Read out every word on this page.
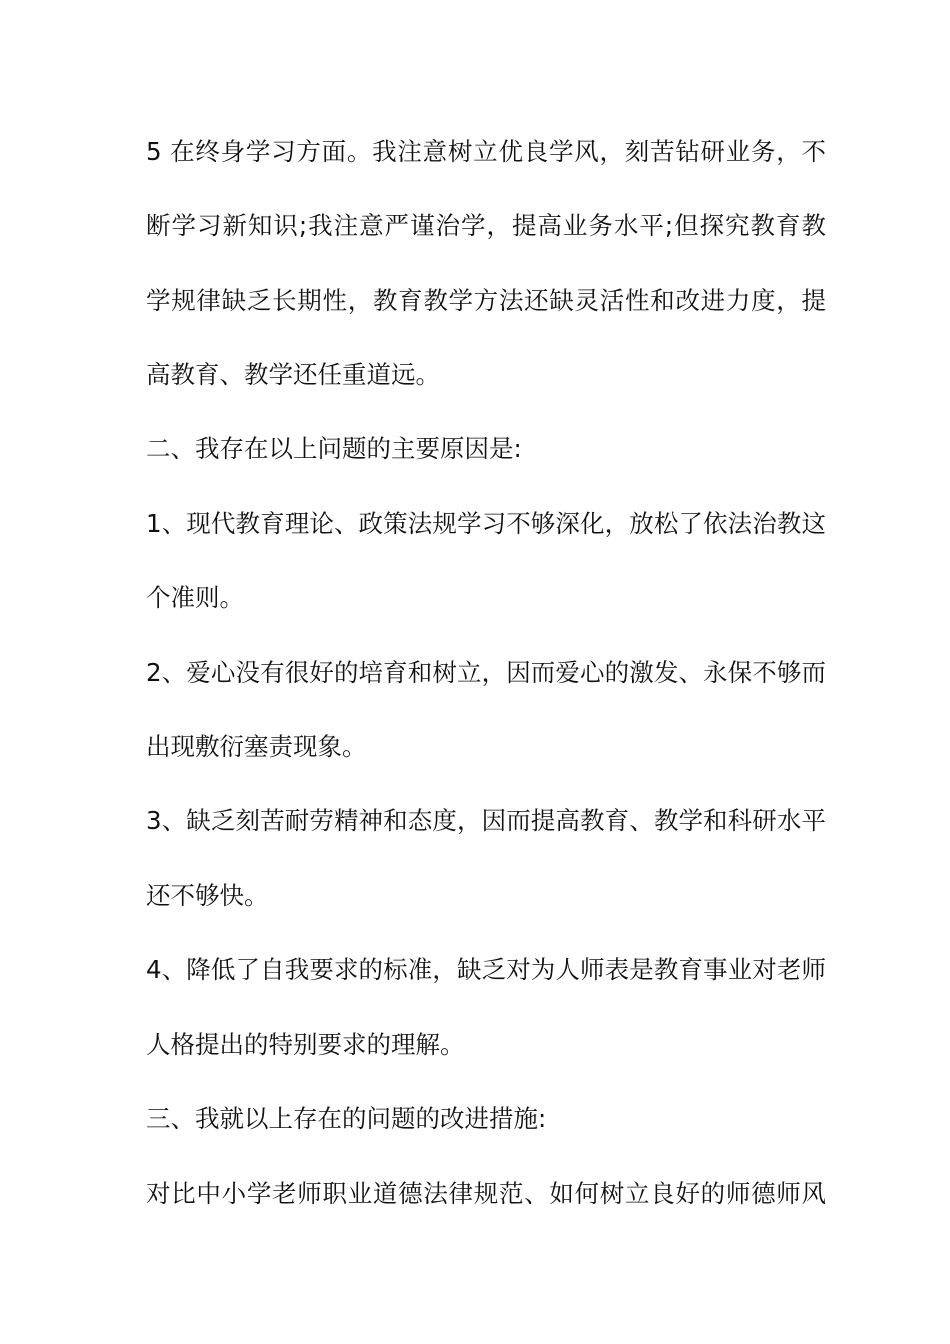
5 在终身学习方面。我注意树立优良学风，刻苦钻研业务，不
断学习新知识;我注意严谨治学，提高业务水平;但探究教育教
学规律缺乏长期性，教育教学方法还缺灵活性和改进力度，提
高教育、教学还任重道远。
二、我存在以上问题的主要原因是:
1、现代教育理论、政策法规学习不够深化，放松了依法治教这
个准则。
2、爱心没有很好的培育和树立，因而爱心的激发、永保不够而
出现敷衍塞责现象。
3、缺乏刻苦耐劳精神和态度，因而提高教育、教学和科研水平
还不够快。
4、降低了自我要求的标准，缺乏对为人师表是教育事业对老师
人格提出的特别要求的理解。
三、我就以上存在的问题的改进措施:
对比中小学老师职业道德法律规范、如何树立良好的师德师风
